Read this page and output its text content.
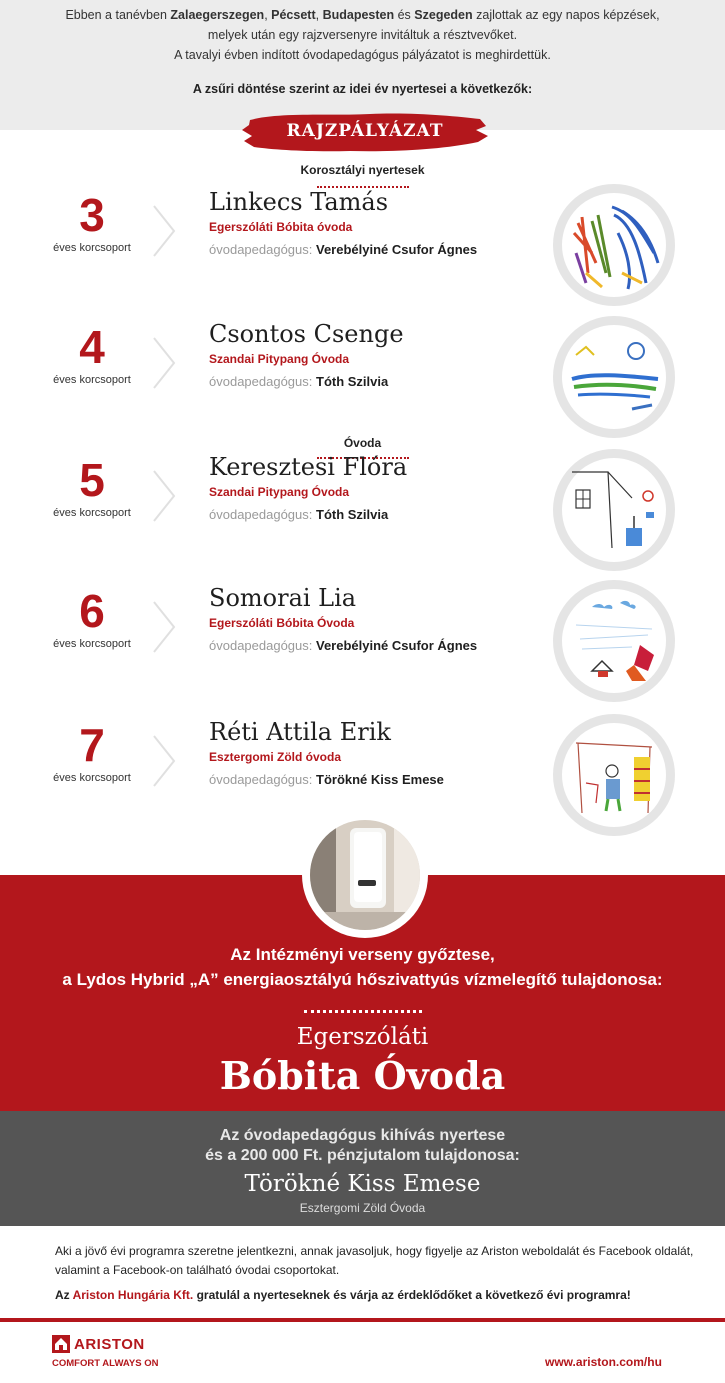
Ebben a tanévben Zalaegerszegen, Pécsett, Budapesten és Szegeden zajlottak az egy napos képzések,

melyek után egy rajzversenyre invitáltuk a résztvevőket.

A tavalyi évben indított óvodapedagógus pályázatot is meghirdettük.

A zsűri döntése szerint az idei év nyertesei a következők:

RAJZPÁLYÁZAT
Korosztályi nyertesek
3
éves korcsoport
Linkecs Tamás
Egerszóláti Bóbita óvoda
óvodapedagógus: Verebélyiné Csufor Ágnes
4
éves korcsoport
Csontos Csenge
Szandai Pitypang Óvoda
óvodapedagógus: Tóth Szilvia
Óvoda
5
éves korcsoport
Keresztesi Flóra
Szandai Pitypang Óvoda
óvodapedagógus: Tóth Szilvia
6
éves korcsoport
Somorai Lia
Egerszóláti Bóbita Óvoda
óvodapedagógus: Verebélyiné Csufor Ágnes
7
éves korcsoport
Réti Attila Erik
Esztergomi Zöld óvoda
óvodapedagógus: Törökné Kiss Emese
Az Intézményi verseny győztese,
a Lydos Hybrid „A” energiaosztályú hőszivattyús vízmelegítő tulajdonosa:
Egerszóláti
Bóbita Óvoda
Az óvodapedagógus kihívás nyertese
és a 200 000 Ft. pénzjutalom tulajdonosa:
Törökné Kiss Emese
Esztergomi Zöld Óvoda

Aki a jövő évi programra szeretne jelentkezni, annak javasoljuk, hogy figyelje az Ariston weboldalát és Facebook oldalát, valamint a Facebook-on található óvodai csoportokat.

Az Ariston Hungária Kft. gratulál a nyerteseknek és várja az érdeklődőket a következő évi programra!

ARISTON
COMFORT ALWAYS ON	www.ariston.com/hu
